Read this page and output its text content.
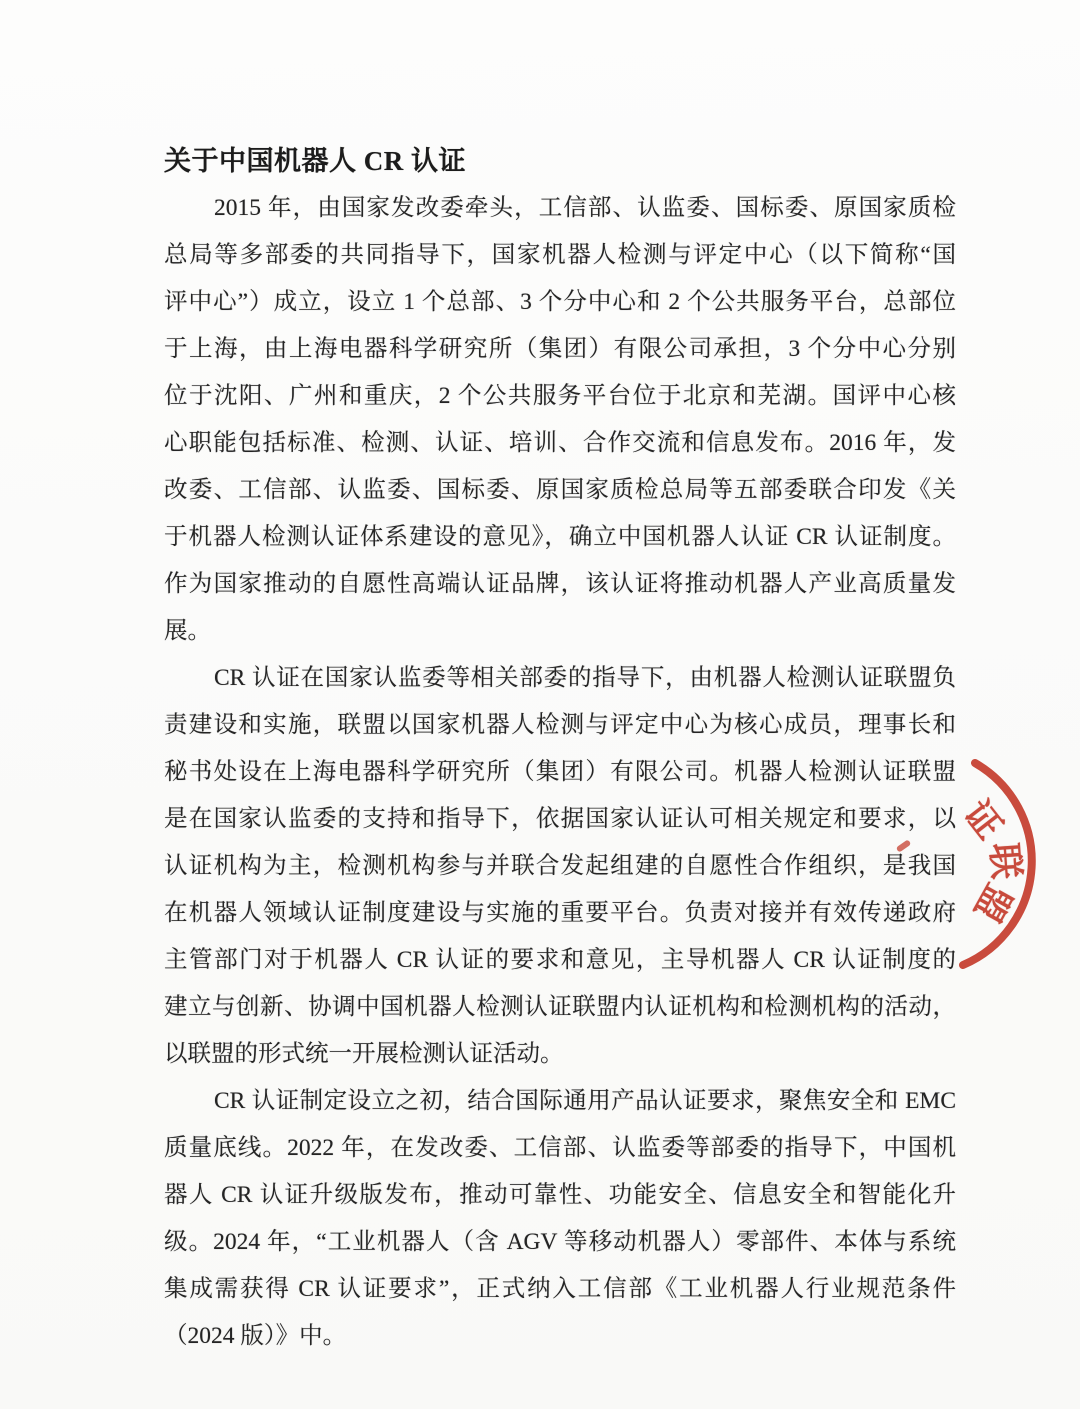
关于中国机器人 CR 认证
2015 年，由国家发改委牵头，工信部、认监委、国标委、原国家质检
总局等多部委的共同指导下，国家机器人检测与评定中心（以下简称“国
评中心”）成立，设立 1 个总部、3 个分中心和 2 个公共服务平台，总部位
于上海，由上海电器科学研究所（集团）有限公司承担，3 个分中心分别
位于沈阳、广州和重庆，2 个公共服务平台位于北京和芜湖。国评中心核
心职能包括标准、检测、认证、培训、合作交流和信息发布。2016 年，发
改委、工信部、认监委、国标委、原国家质检总局等五部委联合印发《关
于机器人检测认证体系建设的意见》，确立中国机器人认证 CR 认证制度。
作为国家推动的自愿性高端认证品牌，该认证将推动机器人产业高质量发
展。
CR 认证在国家认监委等相关部委的指导下，由机器人检测认证联盟负
责建设和实施，联盟以国家机器人检测与评定中心为核心成员，理事长和
秘书处设在上海电器科学研究所（集团）有限公司。机器人检测认证联盟
是在国家认监委的支持和指导下，依据国家认证认可相关规定和要求，以
认证机构为主，检测机构参与并联合发起组建的自愿性合作组织，是我国
在机器人领域认证制度建设与实施的重要平台。负责对接并有效传递政府
主管部门对于机器人 CR 认证的要求和意见，主导机器人 CR 认证制度的
建立与创新、协调中国机器人检测认证联盟内认证机构和检测机构的活动，
以联盟的形式统一开展检测认证活动。
CR 认证制定设立之初，结合国际通用产品认证要求，聚焦安全和 EMC
质量底线。2022 年，在发改委、工信部、认监委等部委的指导下，中国机
器人 CR 认证升级版发布，推动可靠性、功能安全、信息安全和智能化升
级。2024 年，“工业机器人（含 AGV 等移动机器人）零部件、本体与系统
集成需获得 CR 认证要求”，正式纳入工信部《工业机器人行业规范条件
（2024 版）》中。
证
联
盟
